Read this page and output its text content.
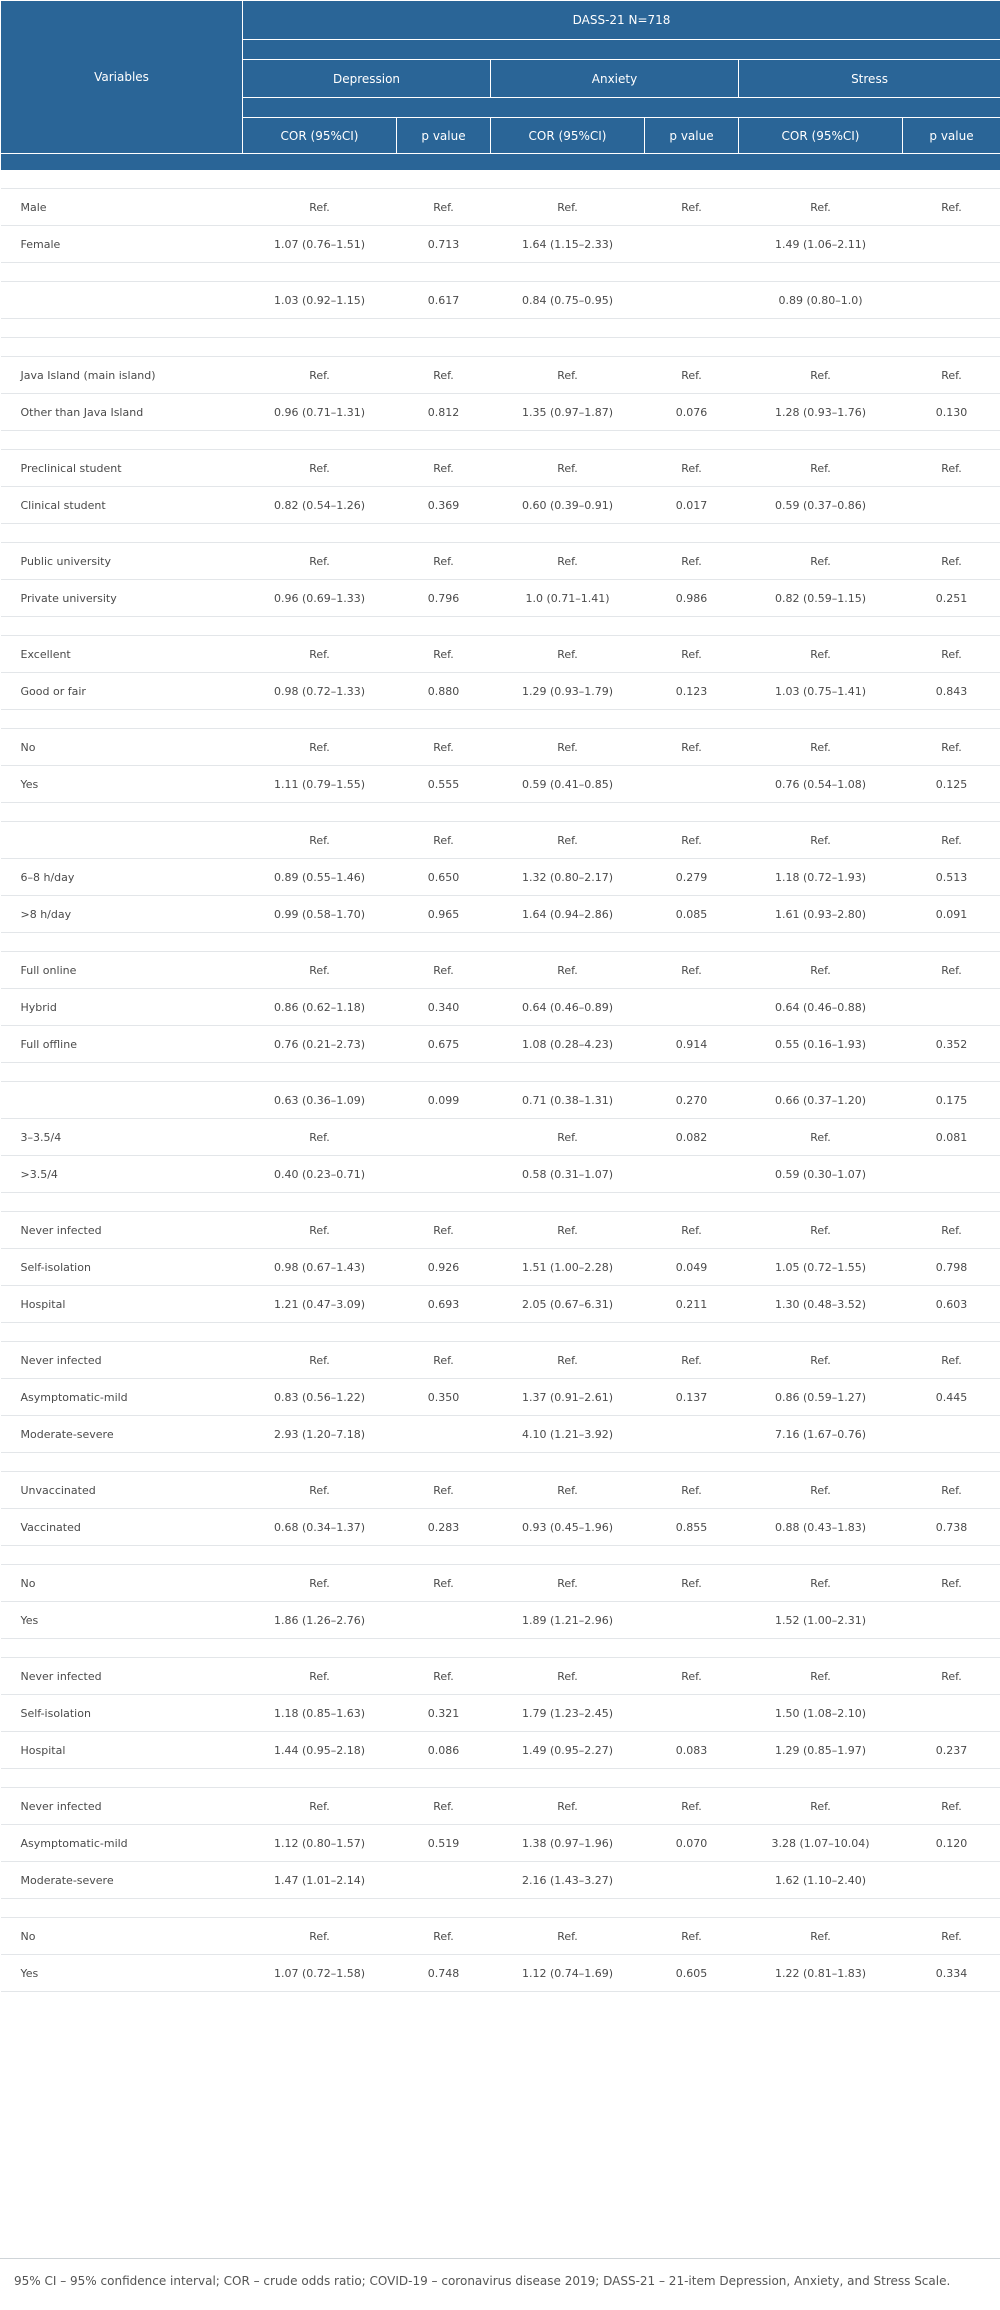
Variables	DASS-21 N=718					

	Depression		Anxiety		Stress	

	COR (95%CI)	p value	COR (95%CI)	p value	COR (95%CI)	p value

Male	Ref.	Ref.	Ref.	Ref.	Ref.	Ref.
Female	1.07 (0.76–1.51)	0.713	1.64 (1.15–2.33)		1.49 (1.06–2.11)	

	1.03 (0.92–1.15)	0.617	0.84 (0.75–0.95)		0.89 (0.80–1.0)	

Java Island (main island)	Ref.	Ref.	Ref.	Ref.	Ref.	Ref.
Other than Java Island	0.96 (0.71–1.31)	0.812	1.35 (0.97–1.87)	0.076	1.28 (0.93–1.76)	0.130

Preclinical student	Ref.	Ref.	Ref.	Ref.	Ref.	Ref.
Clinical student	0.82 (0.54–1.26)	0.369	0.60 (0.39–0.91)	0.017	0.59 (0.37–0.86)	

Public university	Ref.	Ref.	Ref.	Ref.	Ref.	Ref.
Private university	0.96 (0.69–1.33)	0.796	1.0 (0.71–1.41)	0.986	0.82 (0.59–1.15)	0.251

Excellent	Ref.	Ref.	Ref.	Ref.	Ref.	Ref.
Good or fair	0.98 (0.72–1.33)	0.880	1.29 (0.93–1.79)	0.123	1.03 (0.75–1.41)	0.843

No	Ref.	Ref.	Ref.	Ref.	Ref.	Ref.
Yes	1.11 (0.79–1.55)	0.555	0.59 (0.41–0.85)		0.76 (0.54–1.08)	0.125

	Ref.	Ref.	Ref.	Ref.	Ref.	Ref.
6–8 h/day	0.89 (0.55–1.46)	0.650	1.32 (0.80–2.17)	0.279	1.18 (0.72–1.93)	0.513
>8 h/day	0.99 (0.58–1.70)	0.965	1.64 (0.94–2.86)	0.085	1.61 (0.93–2.80)	0.091

Full online	Ref.	Ref.	Ref.	Ref.	Ref.	Ref.
Hybrid	0.86 (0.62–1.18)	0.340	0.64 (0.46–0.89)		0.64 (0.46–0.88)	
Full offline	0.76 (0.21–2.73)	0.675	1.08 (0.28–4.23)	0.914	0.55 (0.16–1.93)	0.352

	0.63 (0.36–1.09)	0.099	0.71 (0.38–1.31)	0.270	0.66 (0.37–1.20)	0.175
3–3.5/4	Ref.		Ref.	0.082	Ref.	0.081
>3.5/4	0.40 (0.23–0.71)		0.58 (0.31–1.07)		0.59 (0.30–1.07)	

Never infected	Ref.	Ref.	Ref.	Ref.	Ref.	Ref.
Self-isolation	0.98 (0.67–1.43)	0.926	1.51 (1.00–2.28)	0.049	1.05 (0.72–1.55)	0.798
Hospital	1.21 (0.47–3.09)	0.693	2.05 (0.67–6.31)	0.211	1.30 (0.48–3.52)	0.603

Never infected	Ref.	Ref.	Ref.	Ref.	Ref.	Ref.
Asymptomatic-mild	0.83 (0.56–1.22)	0.350	1.37 (0.91–2.61)	0.137	0.86 (0.59–1.27)	0.445
Moderate-severe	2.93 (1.20–7.18)		4.10 (1.21–3.92)		7.16 (1.67–0.76)	

Unvaccinated	Ref.	Ref.	Ref.	Ref.	Ref.	Ref.
Vaccinated	0.68 (0.34–1.37)	0.283	0.93 (0.45–1.96)	0.855	0.88 (0.43–1.83)	0.738

No	Ref.	Ref.	Ref.	Ref.	Ref.	Ref.
Yes	1.86 (1.26–2.76)		1.89 (1.21–2.96)		1.52 (1.00–2.31)	

Never infected	Ref.	Ref.	Ref.	Ref.	Ref.	Ref.
Self-isolation	1.18 (0.85–1.63)	0.321	1.79 (1.23–2.45)		1.50 (1.08–2.10)	
Hospital	1.44 (0.95–2.18)	0.086	1.49 (0.95–2.27)	0.083	1.29 (0.85–1.97)	0.237

Never infected	Ref.	Ref.	Ref.	Ref.	Ref.	Ref.
Asymptomatic-mild	1.12 (0.80–1.57)	0.519	1.38 (0.97–1.96)	0.070	3.28 (1.07–10.04)	0.120
Moderate-severe	1.47 (1.01–2.14)		2.16 (1.43–3.27)		1.62 (1.10–2.40)	

No	Ref.	Ref.	Ref.	Ref.	Ref.	Ref.
Yes	1.07 (0.72–1.58)	0.748	1.12 (0.74–1.69)	0.605	1.22 (0.81–1.83)	0.334
95% CI – 95% confidence interval; COR – crude odds ratio; COVID-19 – coronavirus disease 2019; DASS-21 – 21-item Depression, Anxiety, and Stress Scale.
